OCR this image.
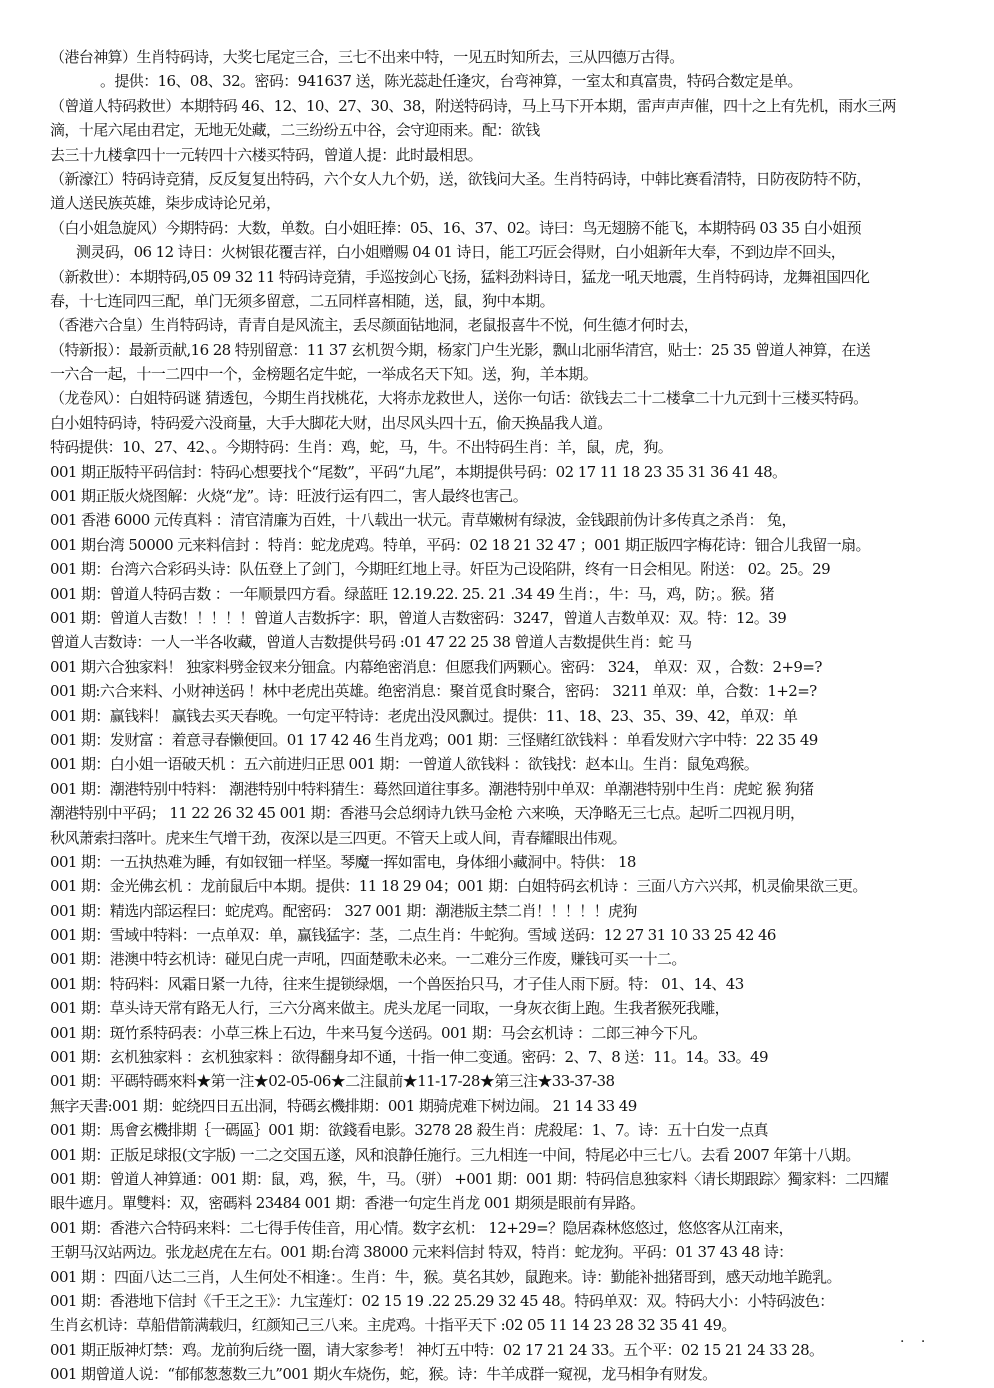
（港台神算）生肖特码诗，大奖七尾定三合，三七不出来中特，一见五时知所去，三从四德万古得。
。提供：16、08、32。密码：941637 送，陈光蕊赴任逢灾，台弯神算，一室太和真富贵，特码合数定是单。
（曾道人特码救世）本期特码 46、12、10、27、30、38，附送特码诗，马上马下开本期，雷声声声催，四十之上有先机，雨水三两
滴，十尾六尾由君定，无地无处藏，二三纷纷五中谷，会守迎雨来。配：欲钱
去三十九楼拿四十一元转四十六楼买特码，曾道人提：此时最相思。
（新濠江）特码诗竞猜，反反复复出特码，六个女人九个奶，送，欲钱问大圣。生肖特码诗，中韩比赛看清特，日防夜防特不防，
道人送民族英雄，柒步成诗论兄弟，
（白小姐急旋风）今期特码：大数，单数。白小姐旺捧：05、16、37、02。诗曰：鸟无翅膀不能飞，本期特码 03 35 白小姐预
测灵码，06 12 诗日：火树银花覆吉祥，白小姐赠赐 04 01 诗日，能工巧匠会得财，白小姐新年大奉，不到边岸不回头，
（新救世）：本期特码,05 09 32 11 特码诗竞猜，手巡按剑心飞扬，猛料劲料诗日，猛龙一吼天地震，生肖特码诗，龙舞祖国四化
春，十七连同四三配，单门无须多留意，二五同样喜相随，送，鼠，狗中本期。
（香港六合皇）生肖特码诗，青青自是风流主，丢尽颜面钻地洞，老鼠报喜牛不悦，何生德才何时去，
（特新报）：最新贡献,16 28 特别留意：11 37 玄机贺今期，杨家门户生光影，飘山北丽华清宫，贴士：25 35 曾道人神算，在送
一六合一起，十一二四中一个，金榜题名定牛蛇，一举成名天下知。送，狗，羊本期。
（龙卷风）：白姐特码谜 猜透包，今期生肖找桃花，大将赤龙救世人，送你一句话：欲钱去二十二楼拿二十九元到十三楼买特码。
白小姐特码诗，特码爱六没商量，大手大脚花大财，出尽风头四十五，偷天换晶我人道。
特码提供：10、27、42、。今期特码：生肖：鸡，蛇，马，牛。不出特码生肖：羊，鼠，虎，狗。
001 期正版特平码信封：特码心想要找个“尾数”，平码“九尾”，本期提供号码：02 17 11 18 23 35 31 36 41 48。
001 期正版火烧图解：火烧“龙”。诗：旺波行运有四二，害人最终也害己。
001 香港 6000 元传真料 ：清官清廉为百姓，十八载出一状元。青草嫩树有绿波，金钱跟前伪计多传真之杀肖： 兔，
001 期台湾 50000 元来料信封 ：特肖：蛇龙虎鸡。特单，平码：02 18 21 32 47 ；001 期正版四字梅花诗：钿合儿我留一扇。
001 期：台湾六合彩码头诗：队伍登上了剑门，今期旺红地上寻。奸臣为己设陷阱，终有一日会相见。附送： 02。25。29
001 期：曾道人特码吉数 ：一年顺景四方看。绿蓝旺 12.19.22. 25. 21 .34 49 生肖：，牛：马，鸡，防；。猴。猪
001 期：曾道人吉数！！！！！曾道人吉数拆字：职，曾道人吉数密码：3247，曾道人吉数单双：双。特：12。39
曾道人吉数诗：一人一半各收藏，曾道人吉数提供号码 :01 47 22 25 38 曾道人吉数提供生肖：蛇 马
001 期六合独家料！ 独家料劈金钗来分钿盒。内幕绝密消息：但愿我们两颗心。密码： 324， 单双：双 ，合数：2+9=?
001 期:六合来料、小财神送码 ！林中老虎出英雄。绝密消息：聚首觅食时聚合，密码： 3211 单双：单，合数：1+2=?
001 期：赢钱料！ 赢钱去买天春晚。一句定平特诗：老虎出没风飘过。提供：11、18、23、35、39、42，单双：单
001 期：发财富 ：着意寻春懒便回。01 17 42 46 生肖龙鸡；001 期：三怪赌红欲钱料 ：单看发财六字中特：22 35 49
001 期：白小姐一语破天机 ：五六前进归正思 001 期：一曾道人欲钱料 ：欲钱找：赵本山。生肖：鼠兔鸡猴。
001 期：潮港特别中特料： 潮港特别中特料猜生：蓦然回道往事多。潮港特别中单双：单潮港特别中生肖：虎蛇 猴 狗猪
潮港特别中平码； 11 22 26 32 45 001 期：香港马会总纲诗九铁马金枪 六来唤，天净略无三七点。起听二四视月明，
秋风萧索扫落叶。虎来生气增干劲，夜深以是三四更。不管天上或人间，青春耀眼出伟观。
001 期：一五执热难为睡，有如钗钿一样坚。琴魔一挥如雷电，身体细小藏洞中。特供： 18
001 期：金光佛玄机 ：龙前鼠后中本期。提供：11 18 29 04；001 期：白姐特码玄机诗 ：三面八方六兴邦，机灵偷果欲三更。
001 期：精选内部运程曰：蛇虎鸡。配密码： 327 001 期：潮港版主禁二肖！！！！！虎狗
001 期：雪域中特料：一点单双：单，赢钱猛字：茎，二点生肖：牛蛇狗。雪域 送码：12 27 31 10 33 25 42 46
001 期：港澳中特玄机诗：碰见白虎一声吼，四面楚歌未必来。一二难分三作废，赚钱可买一十二。
001 期：特码料：风霜日紧一九待，往来生提锁绿烟，一个兽医抬只马，才子佳人雨下厨。特： 01、14、43
001 期：草头诗天常有路无人行，三六分离来做主。虎头龙尾一同取，一身灰衣街上跑。生我者猴死我雕，
001 期：斑竹系特码表：小草三株上石边，牛来马复今送码。001 期：马会玄机诗 ：二郎三神今下凡。
001 期：玄机独家料 ：玄机独家料 ：欲得翻身却不通，十指一伸二变通。密码：2、7、8 送：11。14。33。49
001 期：平碼特碼來料★第一注★02-05-06★二注鼠前★11-17-28★第三注★33-37-38
無字天書:001 期：蛇绕四日五出洞，特碼玄機排期：001 期骑虎难下树边闹。 21 14 33 49
001 期：馬會玄機排期｛一碼區｝001 期：欲錢看电影。3278 28 殺生肖：虎殺尾：1、7。诗：五十白发一点真
001 期：正版足球报(文字版) 一二之交国五遂，风和浪静任施行。三九相连一中间，特尾必中三七八。去看 2007 年第十八期。
001 期：曾道人神算通：001 期：鼠，鸡，猴，牛，马。（骈） +001 期：001 期：特码信息独家料〈请长期跟踪〉獨家料：二四耀
眼牛遮月。單雙料：双，密碼料 23484 001 期：香港一句定生肖龙 001 期须是眼前有异路。
001 期：香港六合特码来料：二七得手传佳音，用心情。数字玄机： 12+29=？隐居森林悠悠过，悠悠客从江南来，
王朝马汉站两边。张龙赵虎在左右。001 期:台湾 38000 元来料信封 特双，特肖：蛇龙狗。平码：01 37 43 48 诗：
001 期 ：四面八达二三肖，人生何处不相逢：。生肖：牛，猴。莫名其妙，鼠跑来。诗：勤能补拙猪哥到，感天动地羊跪乳。
001 期：香港地下信封《千王之王》：九宝莲灯：02 15 19 .22 25.29 32 45 48。特码单双：双。特码大小：小特码波色：
生肖玄机诗：草船借箭满载归，红颜知己三八来。主虎鸡。十指平天下 :02 05 11 14 23 28 32 35 41 49。
001 期正版神灯禁：鸡。龙前狗后绕一圈，请大家参考！ 神灯五中特：02 17 21 24 33。五个平：02 15 21 24 33 28。
001 期曾道人说：“郁郁葱葱数三九”001 期火车烧伤，蛇，猴。诗：牛羊成群一窥视，龙马相争有财发。
· ·
